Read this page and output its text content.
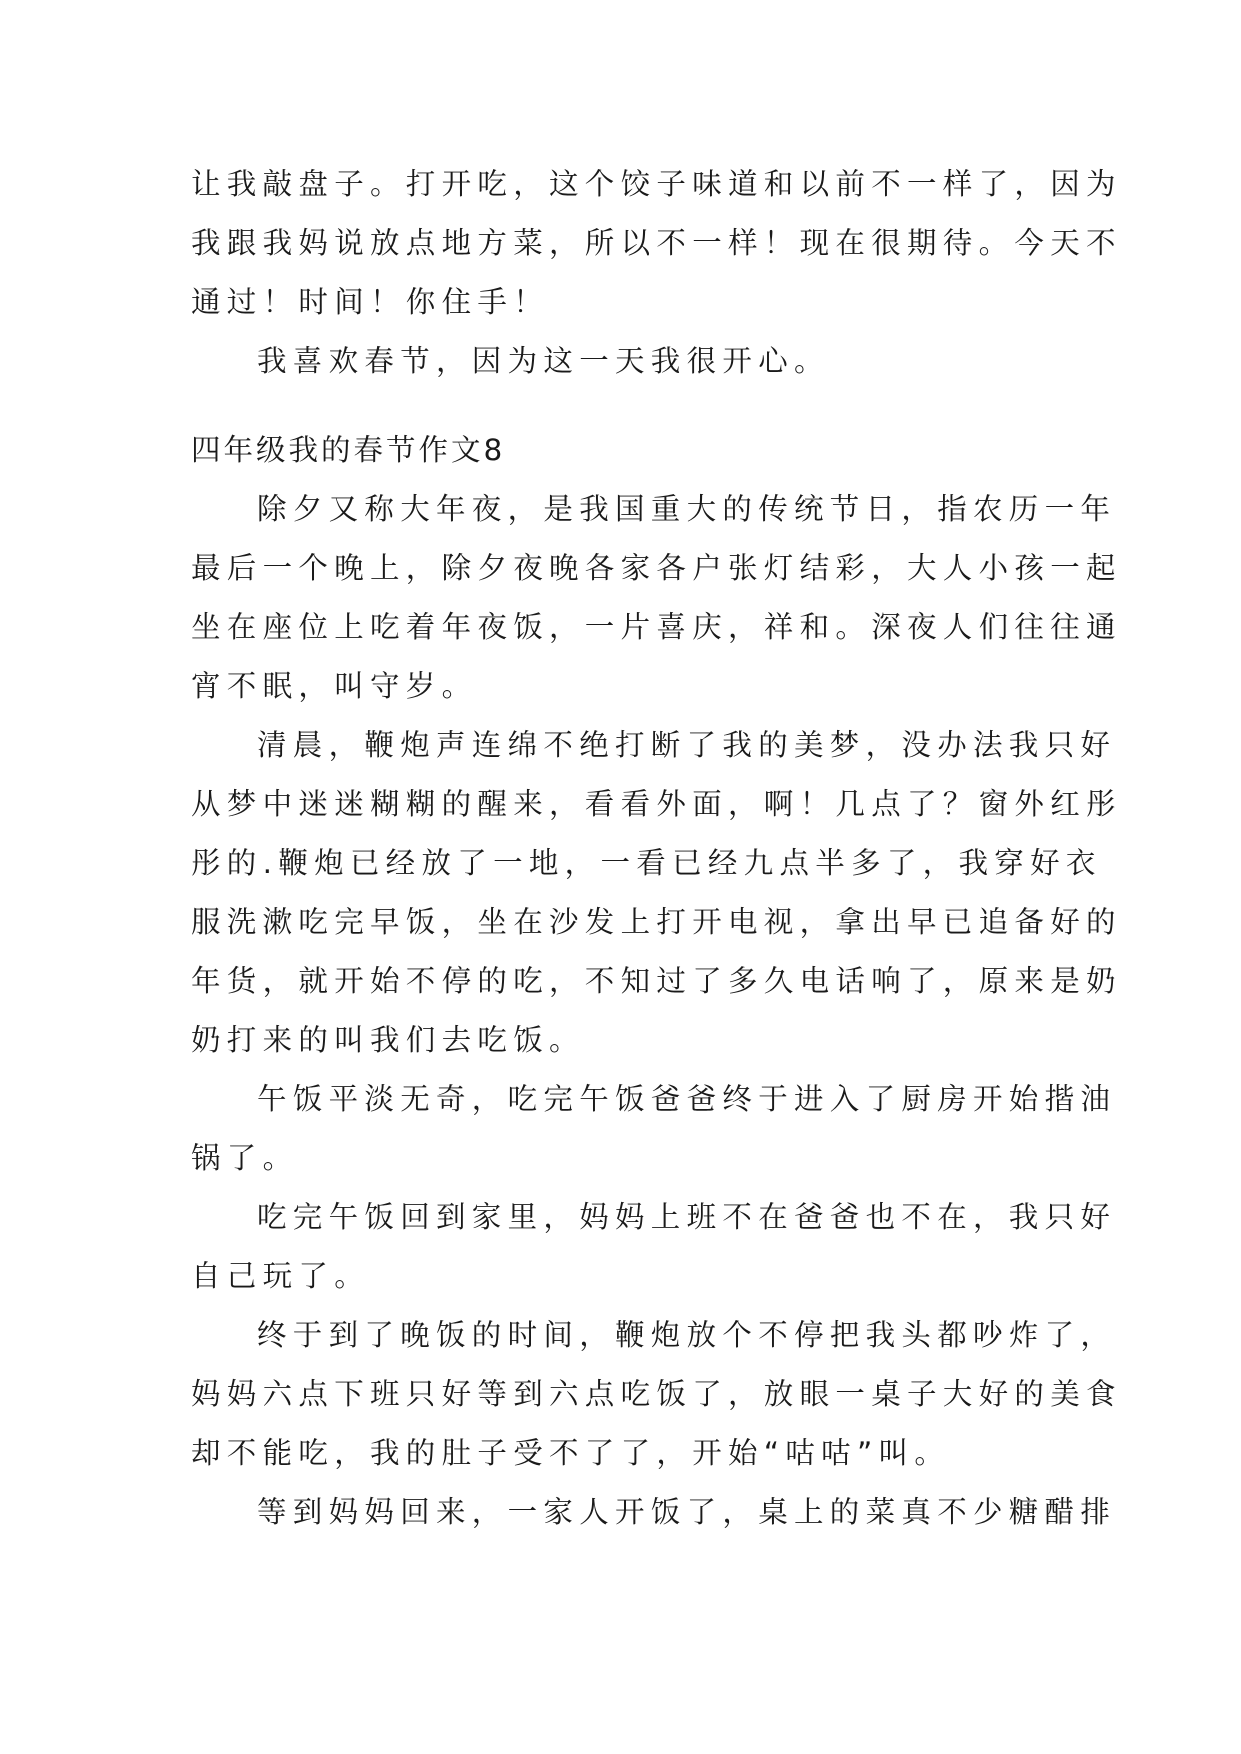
让我敲盘子。打开吃，这个饺子味道和以前不一样了，因为
我跟我妈说放点地方菜，所以不一样！现在很期待。今天不
通过！时间！你住手！
我喜欢春节，因为这一天我很开心。
四年级我的春节作文8
除夕又称大年夜，是我国重大的传统节日，指农历一年
最后一个晚上，除夕夜晚各家各户张灯结彩，大人小孩一起
坐在座位上吃着年夜饭，一片喜庆，祥和。深夜人们往往通
宵不眠，叫守岁。
清晨，鞭炮声连绵不绝打断了我的美梦，没办法我只好
从梦中迷迷糊糊的醒来，看看外面，啊！几点了？窗外红彤
彤的.鞭炮已经放了一地，一看已经九点半多了，我穿好衣
服洗漱吃完早饭，坐在沙发上打开电视，拿出早已追备好的
年货，就开始不停的吃，不知过了多久电话响了，原来是奶
奶打来的叫我们去吃饭。
午饭平淡无奇，吃完午饭爸爸终于进入了厨房开始揩油
锅了。
吃完午饭回到家里，妈妈上班不在爸爸也不在，我只好
自己玩了。
终于到了晚饭的时间，鞭炮放个不停把我头都吵炸了，
妈妈六点下班只好等到六点吃饭了，放眼一桌子大好的美食
却不能吃，我的肚子受不了了，开始“咕咕”叫。
等到妈妈回来，一家人开饭了，桌上的菜真不少糖醋排
